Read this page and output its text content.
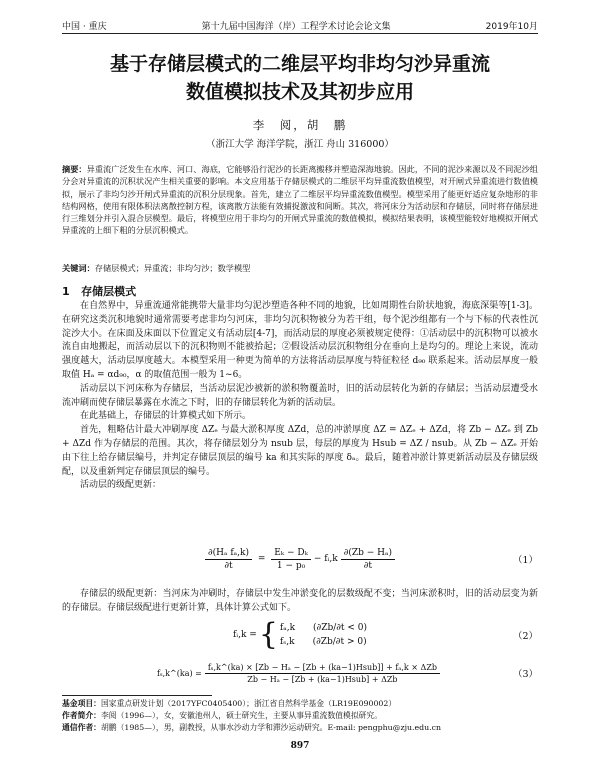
中国 · 重庆	第十九届中国海洋（岸）工程学术讨论会论文集	2019年10月
基于存储层模式的二维层平均非均匀沙异重流
数值模拟技术及其初步应用
李　阅，胡　鹏
（浙江大学 海洋学院，浙江 舟山 316000）
摘要：异重流广泛发生在水库、河口、海底，它能够沿行泥沙的长距离搬移并塑造深海地貌。因此，不同的泥沙来源以及不同泥沙组分会对异重流的沉积状况产生相关重要的影响。本文应用基于存储层模式的二维层平均异重流数值模型，对开闸式异重流进行数值模拟，展示了非均匀沙开闸式异重流的沉积分层现象。首先，建立了二维层平均异重流数值模型。模型采用了能更好适应复杂地形的非结构网格，使用有限体积法离散控制方程，该离散方法能有效捕捉激波和间断。其次，将河床分为活动层和存储层，同时将存储层进行三维划分并引入混合层模型。最后，将模型应用于非均匀的开闸式异重流的数值模拟，模拟结果表明，该模型能较好地模拟开闸式异重流的上细下粗的分层沉积模式。
关键词：存储层模式；异重流；非均匀沙；数学模型
1 存储层模式

在自然界中，异重流通常能携带大量非均匀泥沙塑造各种不同的地貌，比如周期性台阶状地貌，海底深渠等[1-3]。在研究这类沉积地貌时通常需要考虑非均匀河床，非均匀沉积物被分为若干组，每个泥沙组都有一个与下标的代表性沉淀沙大小。在床面及床面以下位置定义有活动层[4-7]，而活动层的厚度必须被规定使得：①活动层中的沉积物可以被水流自由地搬起，而活动层以下的沉积物则不能被拾起；②假设活动层沉积物组分在垂向上是均匀的。理论上来说，流动强度越大，活动层厚度越大。本模型采用一种更为简单的方法将活动层厚度与特征粒径 d₉₀ 联系起来。活动层厚度一般取值 Hₐ = αd₉₀，α 的取值范围一般为 1~6。

活动层以下河床称为存储层，当活动层泥沙被新的淤积物覆盖时，旧的活动层转化为新的存储层；当活动层遭受水流冲刷而使存储层暴露在水流之下时，旧的存储层转化为新的活动层。

在此基础上，存储层的计算模式如下所示。

首先，粗略估计最大冲刷厚度 ΔZₑ 与最大淤积厚度 ΔZd，总的冲淤厚度 ΔZ = ΔZₑ + ΔZd，将 Zb − ΔZₑ 到 Zb + ΔZd 作为存储层的范围。其次，将存储层划分为 nsub 层，每层的厚度为 Hsub = ΔZ / nsub。从 Zb − ΔZₑ 开始由下往上给存储层编号，并判定存储层顶层的编号 ka 和其实际的厚度 δₐ。最后，随着冲淤计算更新活动层及存储层级配，以及重新判定存储层顶层的编号。

活动层的级配更新：

$\frac{\text{∂(Hₐ fₐ,k)}}{\partial t} = \frac{\text{Eₖ − Dₖ}}{\text{1 − p₀}}$ − fᵢ,k $\frac{\text{∂(Zb − Hₐ)}}{\partial t}$	（1）

存储层的级配更新：当河床为冲刷时，存储层中发生冲淤变化的层数级配不变；当河床淤积时，旧的活动层变为新的存储层。存储层级配进行更新计算，具体计算公式如下。

fᵢ,k = { fₐ,k　　(∂Zb/∂t < 0)
fₛ,k　　(∂Zb/∂t > 0)	（2）
fₛ,k^(ka) = $\frac{\text{fₛ,k\textasciicircum{}(ka) × [Zb − Hₐ − [Zb + (ka−1)Hsub]] + fₐ,k × ΔZb}}{\text{Zb − Hₐ − [Zb + (ka−1)Hsub] + ΔZb}}$	（3）
基金项目：国家重点研发计划（2017YFC0405400）；浙江省自然科学基金（LR19E090002）
作者简介：李阅（1996—），女，安徽池州人，硕士研究生，主要从事异重流数值模拟研究。
通信作者：胡鹏（1985—），男，副教授，从事水沙动力学和滞沙运动研究。E-mail: pengphu@zju.edu.cn
897
